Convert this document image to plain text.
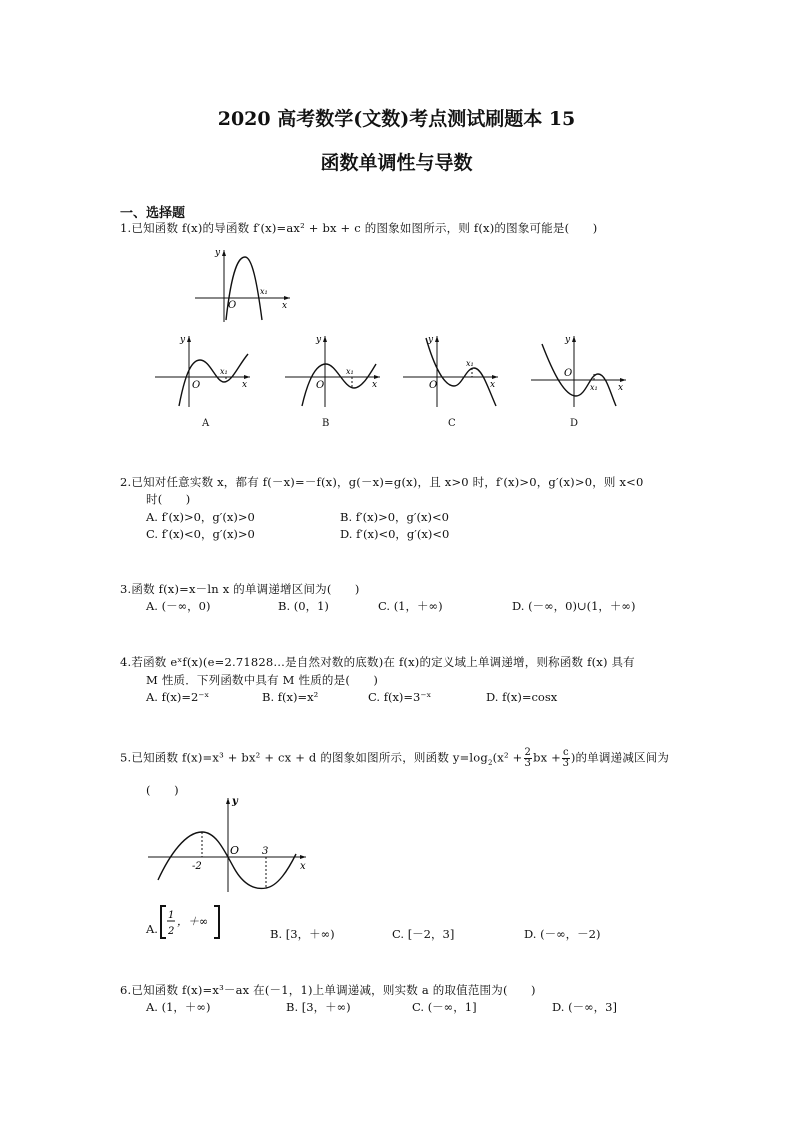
2020 高考数学(文数)考点测试刷题本 15
函数单调性与导数
一、选择题
1.已知函数 f(x)的导函数 f′(x)=ax² + bx + c 的图象如图所示，则 f(x)的图象可能是(　　)
y
O
x₁
x
y
O
x₁
x
A
y
O
x₁
x
B
y
O
x₁
x
C
y
O
x₁ x
D
2.已知对任意实数 x，都有 f(－x)=－f(x)，g(－x)=g(x)，且 x>0 时，f′(x)>0，g′(x)>0，则 x<0
时(　　)
A. f′(x)>0，g′(x)>0	B. f′(x)>0，g′(x)<0
C. f′(x)<0，g′(x)>0	D. f′(x)<0，g′(x)<0
3.函数 f(x)=x－ln x 的单调递增区间为(　　)
A. (－∞，0)	B. (0，1)	C. (1，＋∞)	D. (－∞，0)∪(1，＋∞)
4.若函数 eˣf(x)(e=2.71828…是自然对数的底数)在 f(x)的定义域上单调递增，则称函数 f(x) 具有
M 性质．下列函数中具有 M 性质的是(　　)
A. f(x)=2⁻ˣ	B. f(x)=x²	C. f(x)=3⁻ˣ	D. f(x)=cosx
5.已知函数 f(x)=x³ + bx² + cx + d 的图象如图所示，则函数 $y=\log_2(x^2 + \frac{2}{3}$ bx + $\frac{c}{3}$ )的单调递减区间为
(　　)
y
O
-2
3
x
A.
1
2
，＋∞
B. [3，＋∞)	C. [－2，3]	D. (－∞，－2)
6.已知函数 f(x)=x³－ax 在(－1，1)上单调递减，则实数 a 的取值范围为(　　)
A. (1，＋∞)	B. [3，＋∞)	C. (－∞，1]	D. (－∞，3]
